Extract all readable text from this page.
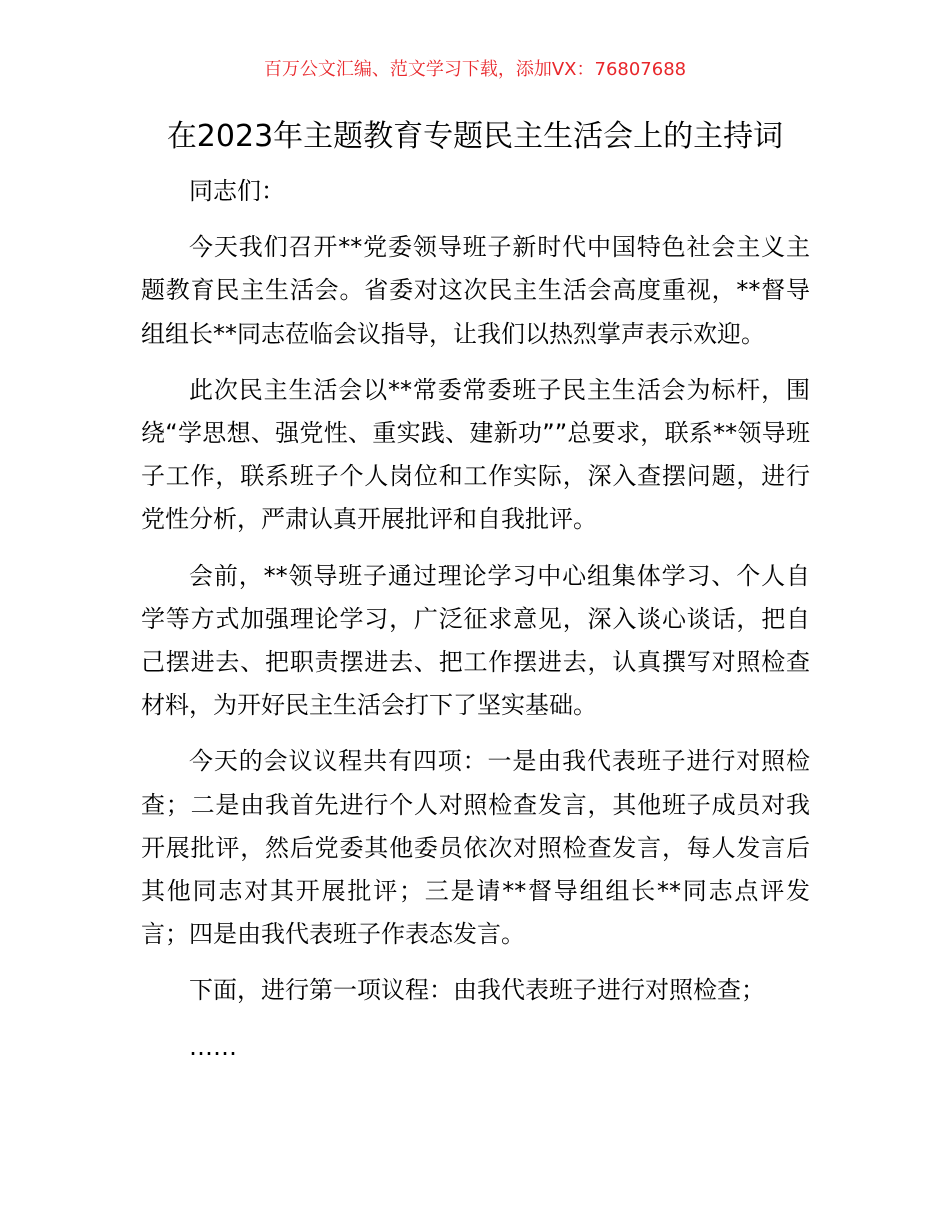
百万公文汇编、范文学习下载，添加VX：76807688
在2023年主题教育专题民主生活会上的主持词

同志们：

今天我们召开**党委领导班子新时代中国特色社会主义主题教育民主生活会。省委对这次民主生活会高度重视，**督导组组长**同志莅临会议指导，让我们以热烈掌声表示欢迎。

此次民主生活会以**常委常委班子民主生活会为标杆，围绕“学思想、强党性、重实践、建新功””总要求，联系**领导班子工作，联系班子个人岗位和工作实际，深入查摆问题，进行党性分析，严肃认真开展批评和自我批评。

会前，**领导班子通过理论学习中心组集体学习、个人自学等方式加强理论学习，广泛征求意见，深入谈心谈话，把自己摆进去、把职责摆进去、把工作摆进去，认真撰写对照检查材料，为开好民主生活会打下了坚实基础。

今天的会议议程共有四项：一是由我代表班子进行对照检查；二是由我首先进行个人对照检查发言，其他班子成员对我开展批评，然后党委其他委员依次对照检查发言，每人发言后其他同志对其开展批评；三是请**督导组组长**同志点评发言；四是由我代表班子作表态发言。

下面，进行第一项议程：由我代表班子进行对照检查；

……
